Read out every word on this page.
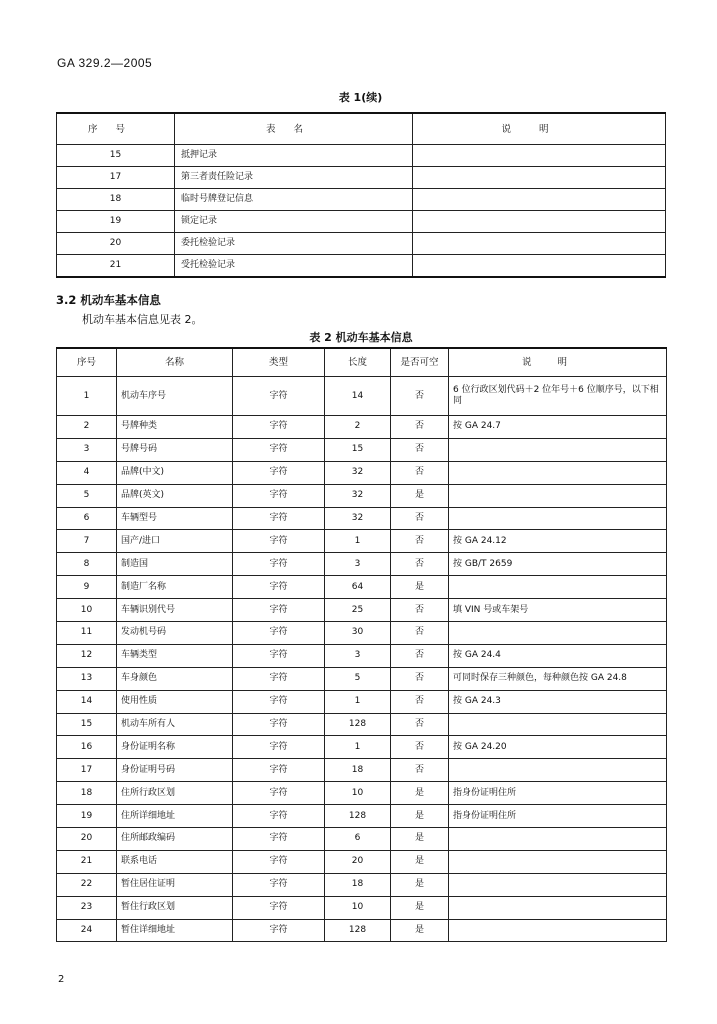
GA 329.2—2005
表 1(续)
序号	表名	说明
15	抵押记录	
17	第三者责任险记录	
18	临时号牌登记信息	
19	锁定记录	
20	委托检验记录	
21	受托检验记录	
3.2 机动车基本信息
机动车基本信息见表 2。
表 2 机动车基本信息
序号	名称	类型	长度	是否可空	说明
1	机动车序号	字符	14	否	6 位行政区划代码＋2 位年号＋6 位顺序号，以下相同
2	号牌种类	字符	2	否	按 GA 24.7
3	号牌号码	字符	15	否	
4	品牌(中文)	字符	32	否	
5	品牌(英文)	字符	32	是	
6	车辆型号	字符	32	否	
7	国产/进口	字符	1	否	按 GA 24.12
8	制造国	字符	3	否	按 GB/T 2659
9	制造厂名称	字符	64	是	
10	车辆识别代号	字符	25	否	填 VIN 号或车架号
11	发动机号码	字符	30	否	
12	车辆类型	字符	3	否	按 GA 24.4
13	车身颜色	字符	5	否	可同时保存三种颜色，每种颜色按 GA 24.8
14	使用性质	字符	1	否	按 GA 24.3
15	机动车所有人	字符	128	否	
16	身份证明名称	字符	1	否	按 GA 24.20
17	身份证明号码	字符	18	否	
18	住所行政区划	字符	10	是	指身份证明住所
19	住所详细地址	字符	128	是	指身份证明住所
20	住所邮政编码	字符	6	是	
21	联系电话	字符	20	是	
22	暂住居住证明	字符	18	是	
23	暂住行政区划	字符	10	是	
24	暂住详细地址	字符	128	是	
2
